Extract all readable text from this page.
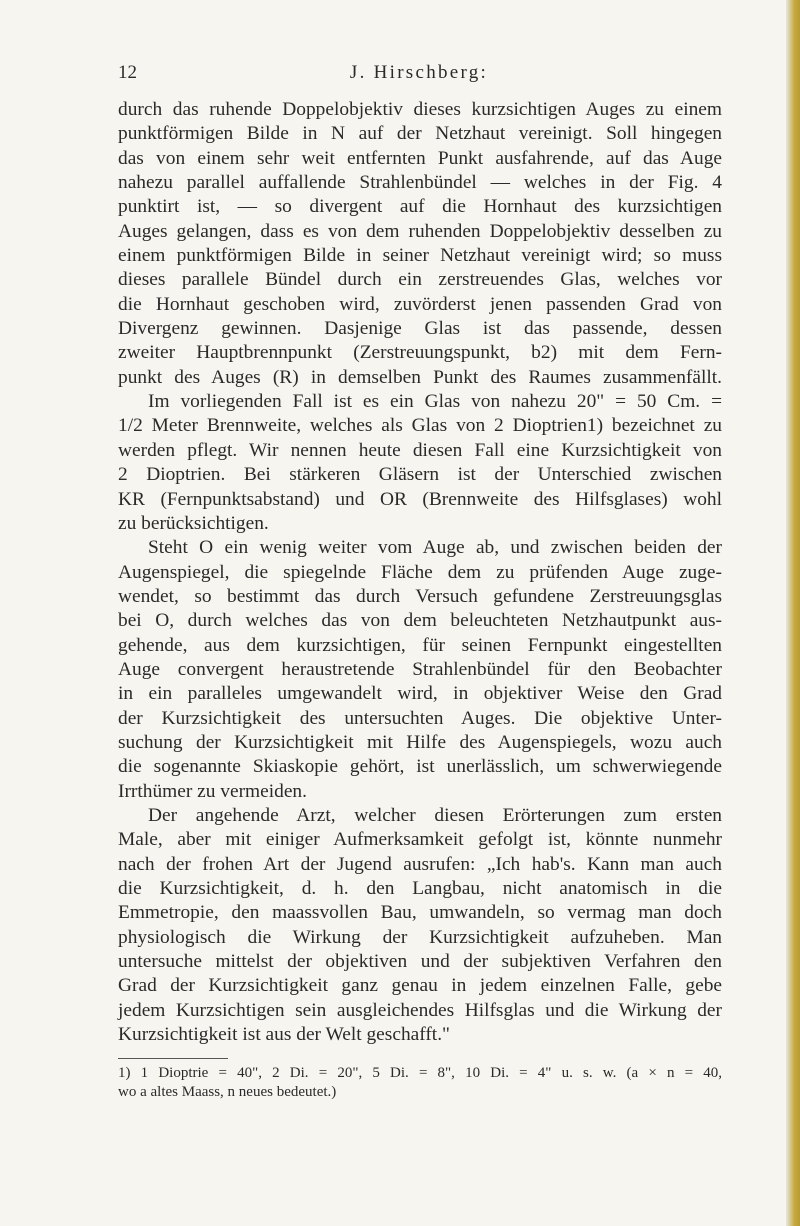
12	J. Hirschberg:
durch das ruhende Doppelobjektiv dieses kurzsichtigen Auges zu einem
punktförmigen Bilde in N auf der Netzhaut vereinigt. Soll hingegen
das von einem sehr weit entfernten Punkt ausfahrende, auf das Auge
nahezu parallel auffallende Strahlenbündel — welches in der Fig. 4
punktirt ist, — so divergent auf die Hornhaut des kurzsichtigen
Auges gelangen, dass es von dem ruhenden Doppelobjektiv desselben zu
einem punktförmigen Bilde in seiner Netzhaut vereinigt wird; so muss
dieses parallele Bündel durch ein zerstreuendes Glas, welches vor
die Hornhaut geschoben wird, zuvörderst jenen passenden Grad von
Divergenz gewinnen. Dasjenige Glas ist das passende, dessen
zweiter Hauptbrennpunkt (Zerstreuungspunkt, b2) mit dem Fern-
punkt des Auges (R) in demselben Punkt des Raumes zusammenfällt.
Im vorliegenden Fall ist es ein Glas von nahezu 20" = 50 Cm. =
1/2 Meter Brennweite, welches als Glas von 2 Dioptrien1) bezeichnet zu
werden pflegt. Wir nennen heute diesen Fall eine Kurzsichtigkeit von
2 Dioptrien. Bei stärkeren Gläsern ist der Unterschied zwischen
KR (Fernpunktsabstand) und OR (Brennweite des Hilfsglases) wohl
zu berücksichtigen.
Steht O ein wenig weiter vom Auge ab, und zwischen beiden der
Augenspiegel, die spiegelnde Fläche dem zu prüfenden Auge zuge-
wendet, so bestimmt das durch Versuch gefundene Zerstreuungsglas
bei O, durch welches das von dem beleuchteten Netzhautpunkt aus-
gehende, aus dem kurzsichtigen, für seinen Fernpunkt eingestellten
Auge convergent heraustretende Strahlenbündel für den Beobachter
in ein paralleles umgewandelt wird, in objektiver Weise den Grad
der Kurzsichtigkeit des untersuchten Auges. Die objektive Unter-
suchung der Kurzsichtigkeit mit Hilfe des Augenspiegels, wozu auch
die sogenannte Skiaskopie gehört, ist unerlässlich, um schwerwiegende
Irrthümer zu vermeiden.
Der angehende Arzt, welcher diesen Erörterungen zum ersten
Male, aber mit einiger Aufmerksamkeit gefolgt ist, könnte nunmehr
nach der frohen Art der Jugend ausrufen: „Ich hab's. Kann man auch
die Kurzsichtigkeit, d. h. den Langbau, nicht anatomisch in die
Emmetropie, den maassvollen Bau, umwandeln, so vermag man doch
physiologisch die Wirkung der Kurzsichtigkeit aufzuheben. Man
untersuche mittelst der objektiven und der subjektiven Verfahren den
Grad der Kurzsichtigkeit ganz genau in jedem einzelnen Falle, gebe
jedem Kurzsichtigen sein ausgleichendes Hilfsglas und die Wirkung der
Kurzsichtigkeit ist aus der Welt geschafft."
1) 1 Dioptrie = 40", 2 Di. = 20", 5 Di. = 8", 10 Di. = 4" u. s. w. (a × n = 40,
wo a altes Maass, n neues bedeutet.)
